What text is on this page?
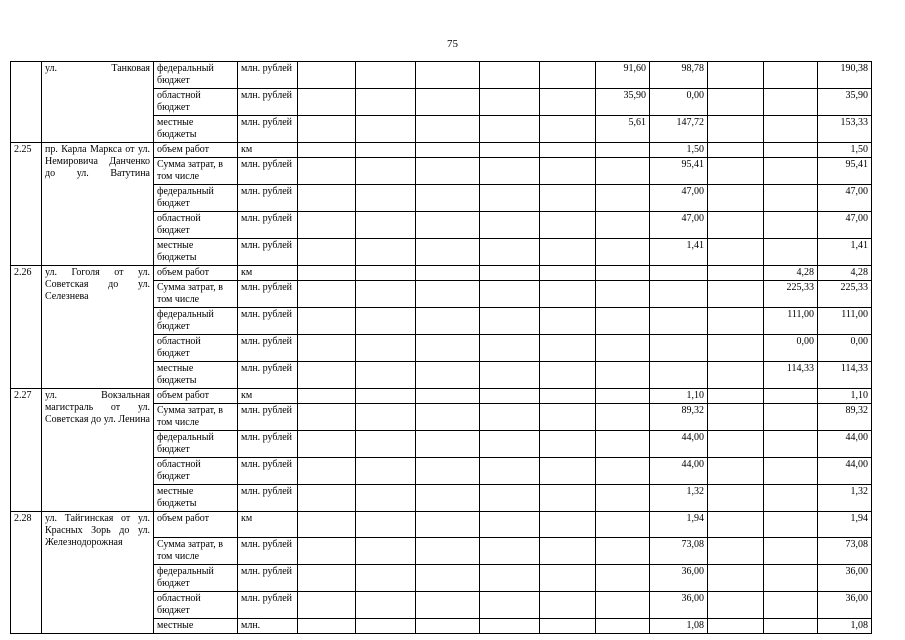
75
	ул. Танковая	федеральный бюджет	млн. рублей						91,60	98,78			190,38
		областной бюджет	млн. рублей						35,90	0,00			35,90
		местные бюджеты	млн. рублей						5,61	147,72			153,33
2.25	пр. Карла Маркса от ул. Немировича Данченко до ул. Ватутина	объем работ	км							1,50			1,50
		Сумма затрат, в том числе	млн. рублей							95,41			95,41
		федеральный бюджет	млн. рублей							47,00			47,00
		областной бюджет	млн. рублей							47,00			47,00
		местные бюджеты	млн. рублей							1,41			1,41
2.26	ул. Гоголя от ул. Советская до ул. Селезнева	объем работ	км									4,28	4,28
		Сумма затрат, в том числе	млн. рублей									225,33	225,33
		федеральный бюджет	млн. рублей									111,00	111,00
		областной бюджет	млн. рублей									0,00	0,00
		местные бюджеты	млн. рублей									114,33	114,33
2.27	ул. Вокзальная магистраль от ул. Советская до ул. Ленина	объем работ	км							1,10			1,10
		Сумма затрат, в том числе	млн. рублей							89,32			89,32
		федеральный бюджет	млн. рублей							44,00			44,00
		областной бюджет	млн. рублей							44,00			44,00
		местные бюджеты	млн. рублей							1,32			1,32
2.28	ул. Тайгинская от ул. Красных Зорь до ул. Железнодорожная	объем работ	км							1,94			1,94
		Сумма затрат, в том числе	млн. рублей							73,08			73,08
		федеральный бюджет	млн. рублей							36,00			36,00
		областной бюджет	млн. рублей							36,00			36,00
		местные	млн.							1,08			1,08
